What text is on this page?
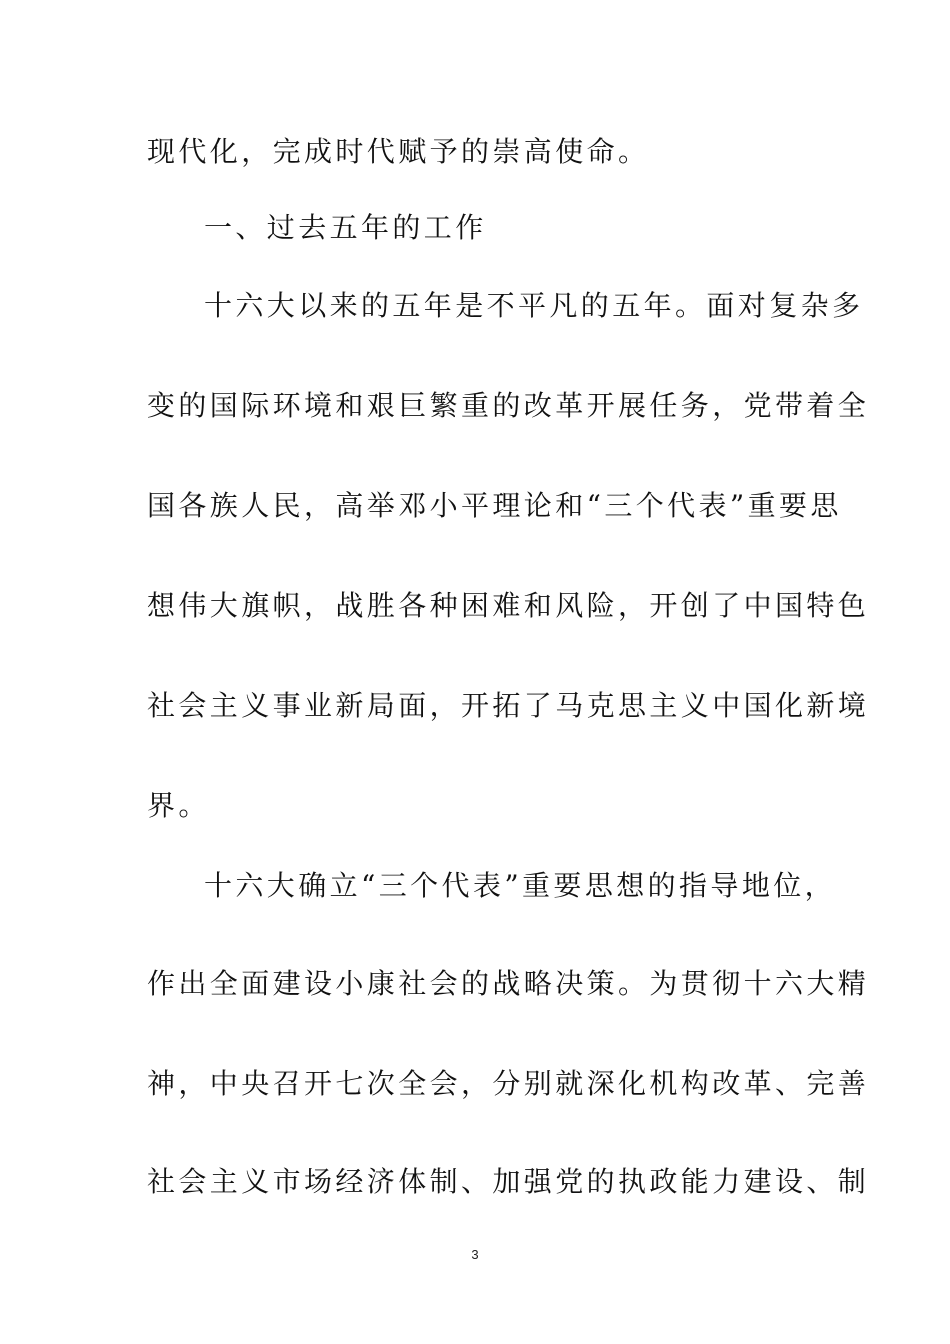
现代化，完成时代赋予的崇高使命。
一、过去五年的工作
十六大以来的五年是不平凡的五年。面对复杂多
变的国际环境和艰巨繁重的改革开展任务，党带着全
国各族人民，高举邓小平理论和“三个代表”重要思
想伟大旗帜，战胜各种困难和风险，开创了中国特色
社会主义事业新局面，开拓了马克思主义中国化新境
界。
十六大确立“三个代表”重要思想的指导地位，
作出全面建设小康社会的战略决策。为贯彻十六大精
神，中央召开七次全会，分别就深化机构改革、完善
社会主义市场经济体制、加强党的执政能力建设、制
3
